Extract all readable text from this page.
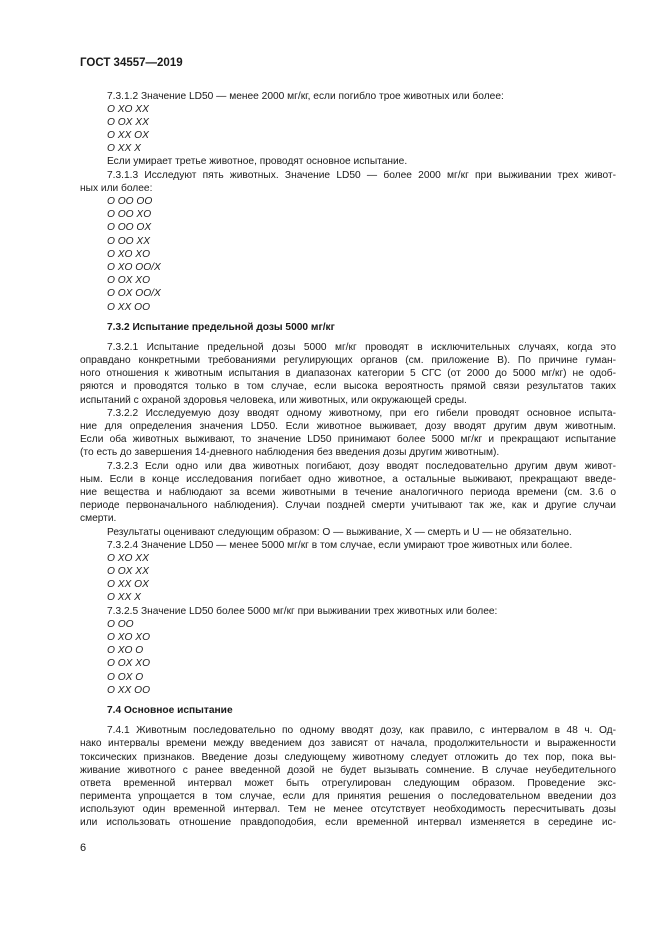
ГОСТ 34557—2019
7.3.1.2 Значение LD50 — менее 2000 мг/кг, если погибло трое животных или более:
O XO XX
O OX XX
O XX OX
O XX X
Если умирает третье животное, проводят основное испытание.
7.3.1.3 Исследуют пять животных. Значение LD50 — более 2000 мг/кг при выживании трех живот-
ных или более:
O OO OO
O OO XO
O OO OX
O OO XX
O XO XO
O XO OO/X
O OX XO
O OX OO/X
O XX OO
7.3.2 Испытание предельной дозы 5000 мг/кг
7.3.2.1 Испытание предельной дозы 5000 мг/кг проводят в исключительных случаях, когда это
оправдано конкретными требованиями регулирующих органов (см. приложение В). По причине гуман-
ного отношения к животным испытания в диапазонах категории 5 СГС (от 2000 до 5000 мг/кг) не одоб-
ряются и проводятся только в том случае, если высока вероятность прямой связи результатов таких
испытаний с охраной здоровья человека, или животных, или окружающей среды.
7.3.2.2 Исследуемую дозу вводят одному животному, при его гибели проводят основное испыта-
ние для определения значения LD50. Если животное выживает, дозу вводят другим двум животным.
Если оба животных выживают, то значение LD50 принимают более 5000 мг/кг и прекращают испытание
(то есть до завершения 14-дневного наблюдения без введения дозы другим животным).
7.3.2.3 Если одно или два животных погибают, дозу вводят последовательно другим двум живот-
ным. Если в конце исследования погибает одно животное, а остальные выживают, прекращают введе-
ние вещества и наблюдают за всеми животными в течение аналогичного периода времени (см. 3.6 о
периоде первоначального наблюдения). Случаи поздней смерти учитывают так же, как и другие случаи
смерти.
Результаты оценивают следующим образом: O — выживание, X — смерть и U — не обязательно.
7.3.2.4 Значение LD50 — менее 5000 мг/кг в том случае, если умирают трое животных или более.
O XO XX
O OX XX
O XX OX
O XX X
7.3.2.5 Значение LD50 более 5000 мг/кг при выживании трех животных или более:
O OO
O XO XO
O XO O
O OX XO
O OX O
O XX OO
7.4 Основное испытание
7.4.1 Животным последовательно по одному вводят дозу, как правило, с интервалом в 48 ч. Од-
нако интервалы времени между введением доз зависят от начала, продолжительности и выраженности
токсических признаков. Введение дозы следующему животному следует отложить до тех пор, пока вы-
живание животного с ранее введенной дозой не будет вызывать сомнение. В случае неубедительного
ответа временной интервал может быть отрегулирован следующим образом. Проведение экс-
перимента упрощается в том случае, если для принятия решения о последовательном введении доз
используют один временной интервал. Тем не менее отсутствует необходимость пересчитывать дозы
или использовать отношение правдоподобия, если временной интервал изменяется в середине ис-
6
